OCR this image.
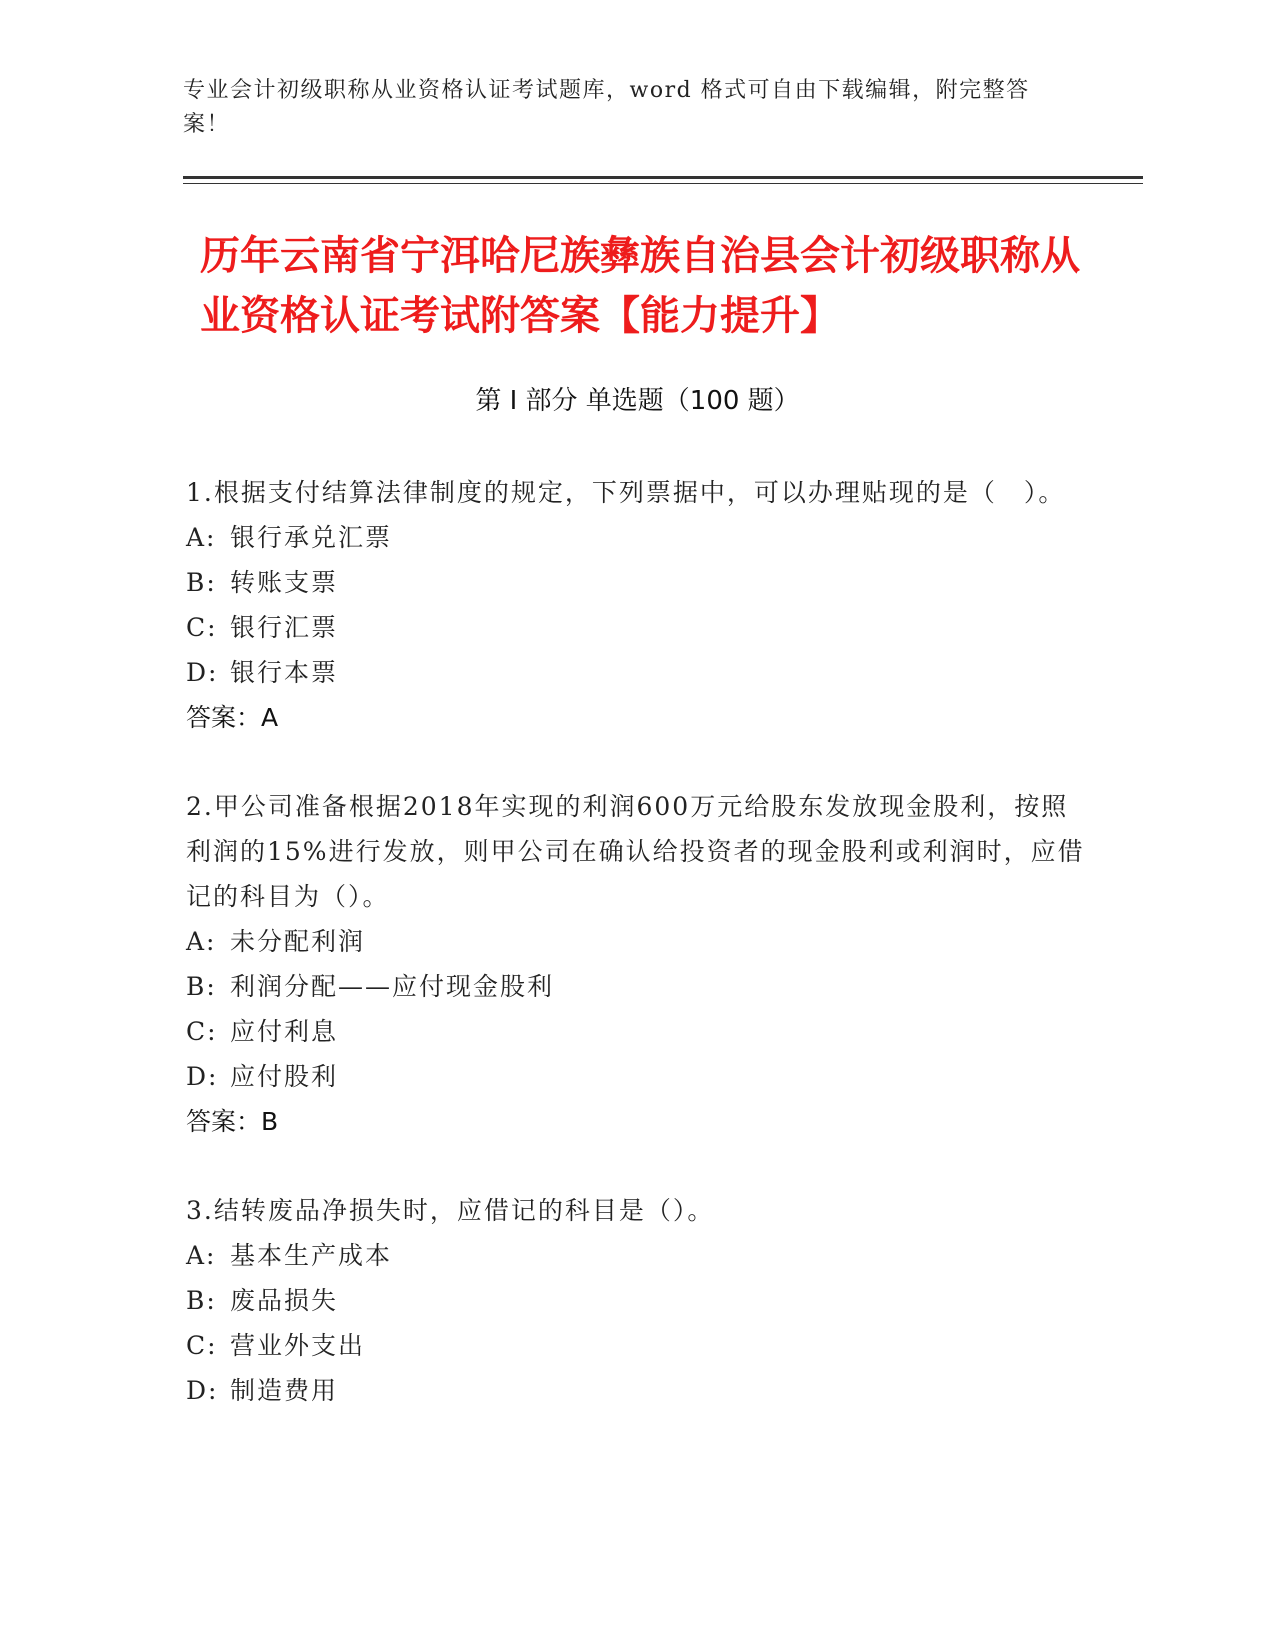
专业会计初级职称从业资格认证考试题库，word 格式可自由下载编辑，附完整答案！
历年云南省宁洱哈尼族彝族自治县会计初级职称从业资格认证考试附答案【能力提升】
第 I 部分 单选题（100 题）
1.根据支付结算法律制度的规定，下列票据中，可以办理贴现的是（　）。
A: 银行承兑汇票
B: 转账支票
C: 银行汇票
D: 银行本票
答案：A
2.甲公司准备根据2018年实现的利润600万元给股东发放现金股利，按照利润的15%进行发放，则甲公司在确认给投资者的现金股利或利润时，应借记的科目为（）。
A: 未分配利润
B: 利润分配——应付现金股利
C: 应付利息
D: 应付股利
答案：B
3.结转废品净损失时，应借记的科目是（）。
A: 基本生产成本
B: 废品损失
C: 营业外支出
D: 制造费用
